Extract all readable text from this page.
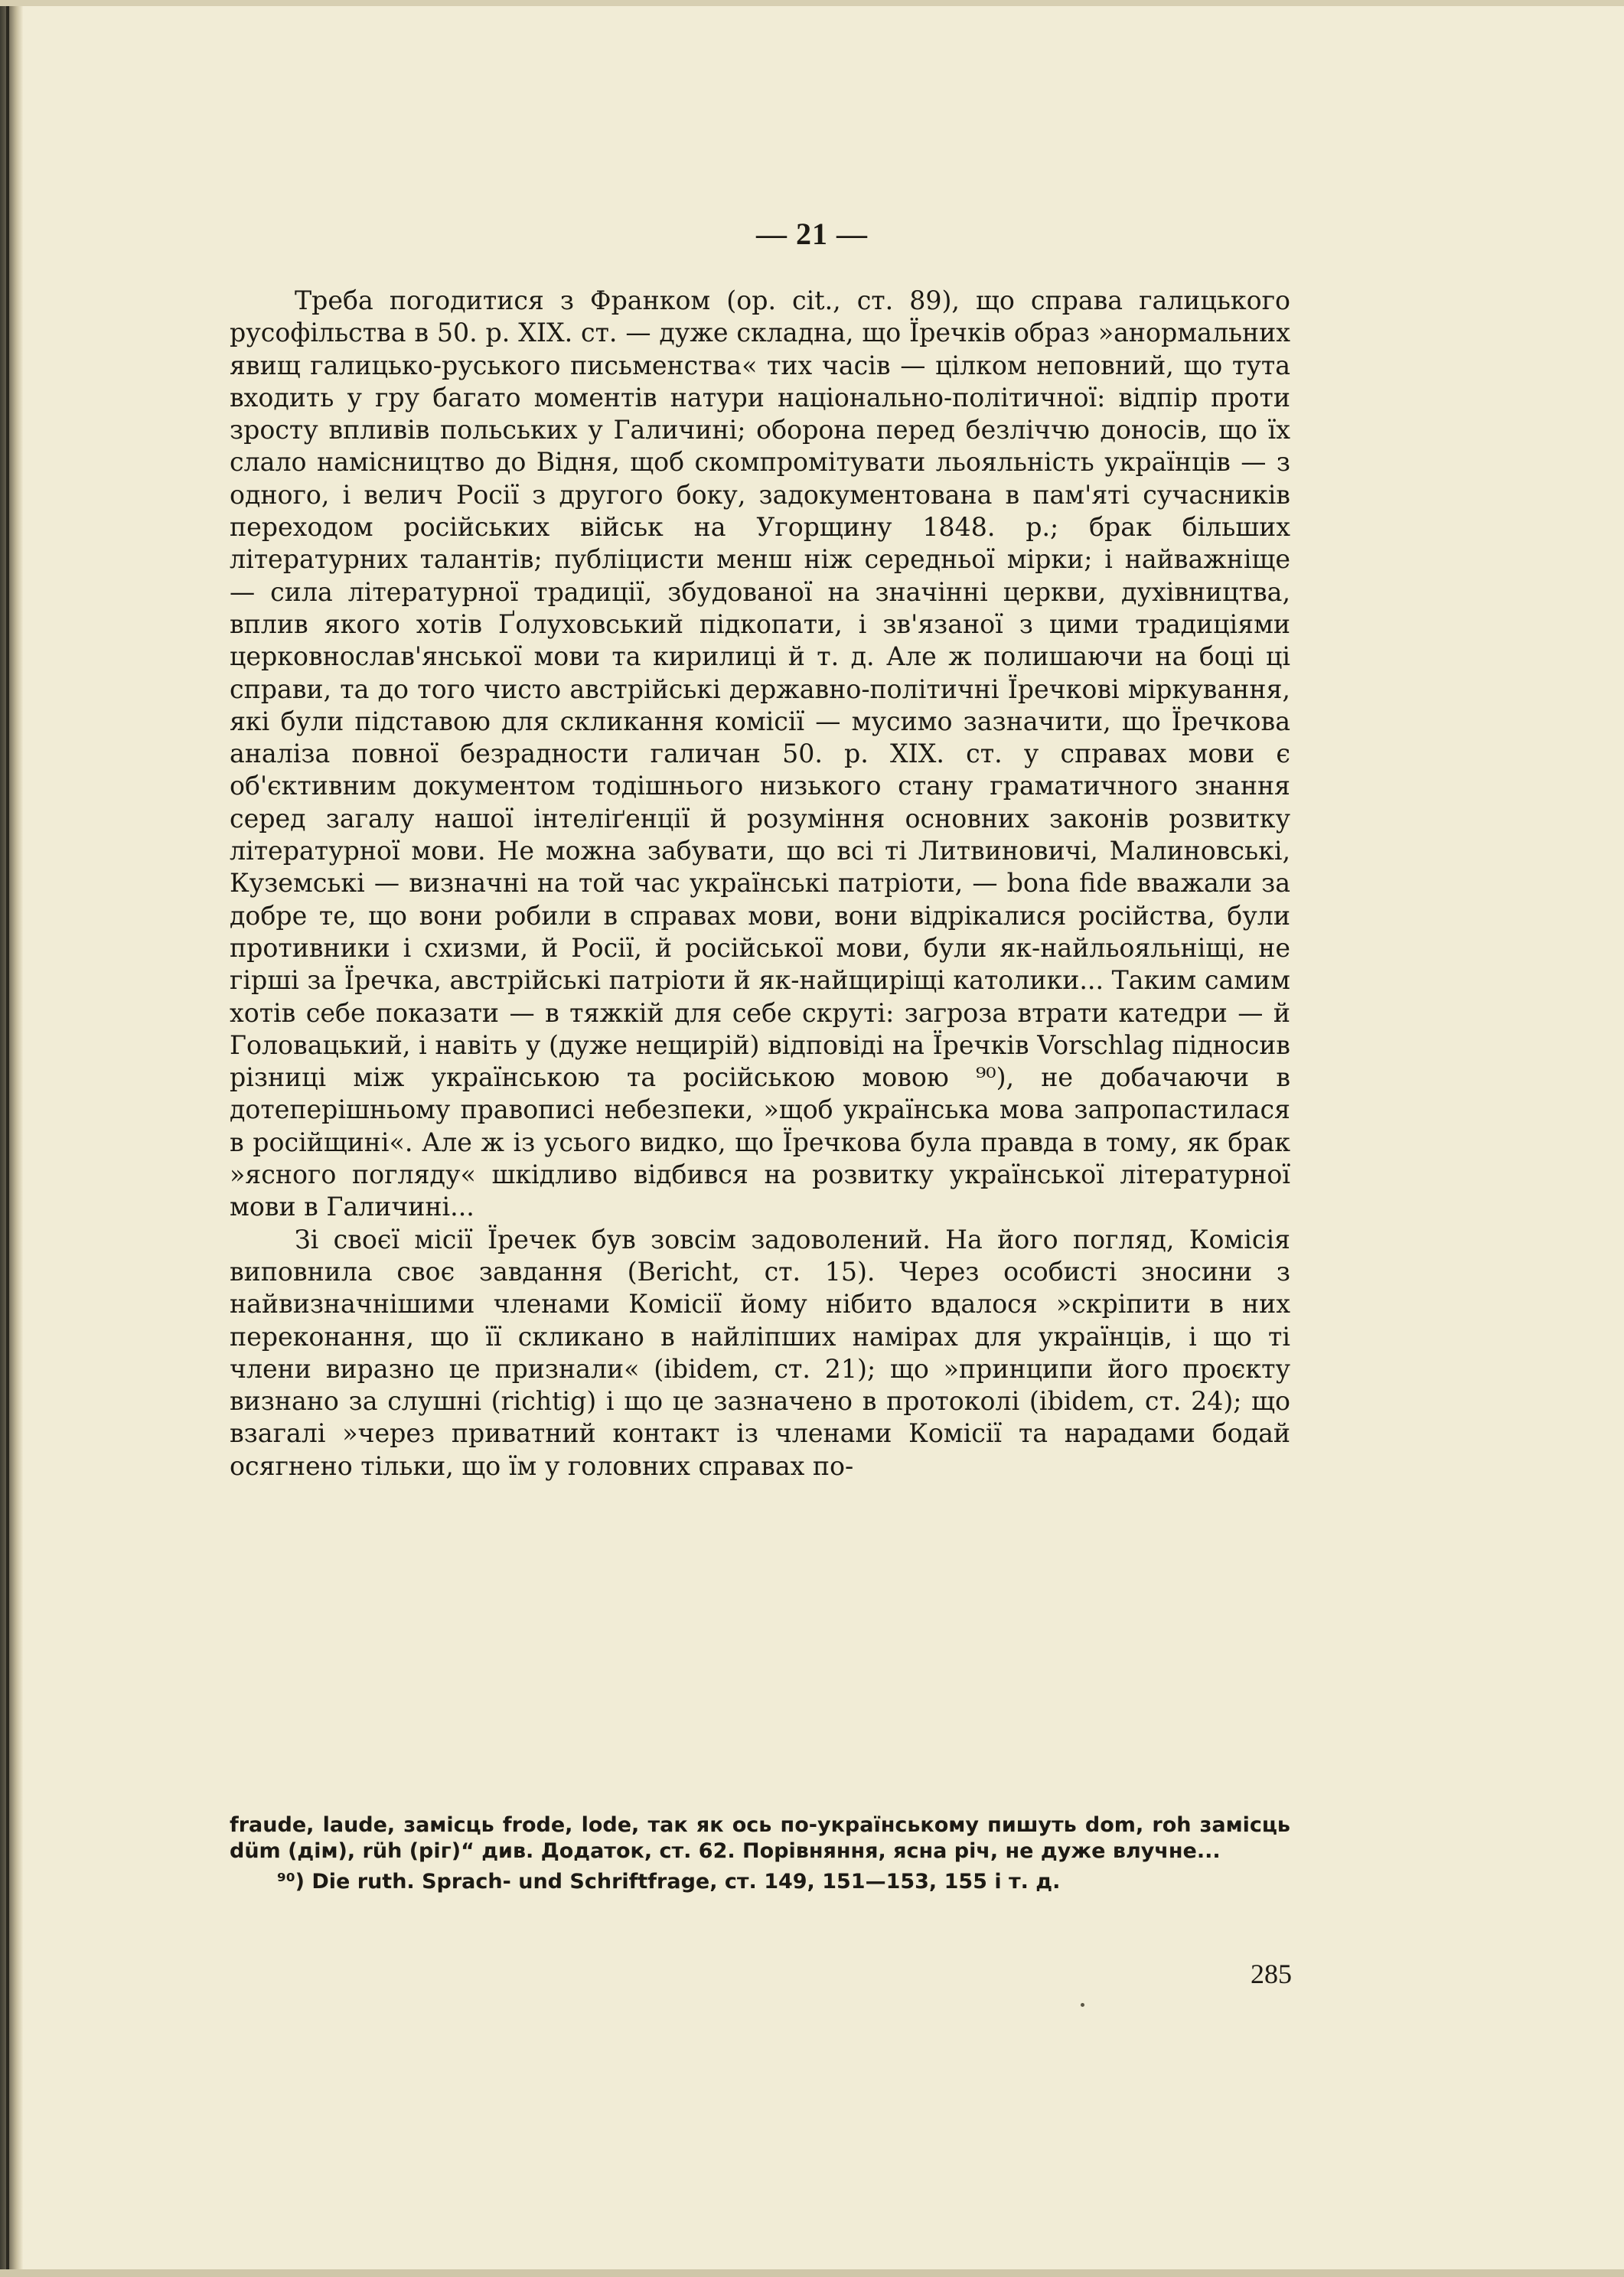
— 21 —

Треба погодитися з Франком (op. cit., ст. 89), що справа галицького русофільства в 50. р. XIX. ст. — дуже складна, що Їречків образ »анормальних явищ галицько-руського письменства« тих часів — цілком неповний, що тута входить у гру багато моментів натури національно-політичної: відпір проти зросту впливів польських у Галичині; оборона перед безліччю доносів, що їх слало намісництво до Відня, щоб скомпромітувати льояльність українців — з одного, і велич Росії з другого боку, задокументована в пам'яті сучасників переходом російських військ на Угорщину 1848. р.; брак більших літературних талантів; публіцисти менш ніж середньої мірки; і найважніще — сила літературної традиції, збудованої на значінні церкви, духівництва, вплив якого хотів Ґолуховський підкопати, і зв'язаної з цими традиціями церковнослав'янської мови та кирилиці й т. д. Але ж полишаючи на боці ці справи, та до того чисто австрійські державно-політичні Їречкові міркування, які були підставою для скликання комісії — мусимо зазначити, що Їречкова аналіза повної безрадности галичан 50. р. XIX. ст. у справах мови є об'єктивним документом тодішнього низького стану граматичного знання серед загалу нашої інтеліґенції й розуміння основних законів розвитку літературної мови. Не можна забувати, що всі ті Литвиновичі, Малиновські, Куземські — визначні на той час українські патріоти, — bona fide вважали за добре те, що вони робили в справах мови, вони відрікалися російства, були противники і схизми, й Росії, й російської мови, були як-найльояльніщі, не гірші за Їречка, австрійські патріоти й як-найщиріщі католики... Таким самим хотів себе показати — в тяжкій для себе скруті: загроза втрати катедри — й Головацький, і навіть у (дуже нещирій) відповіді на Їречків Vorschlag підносив різниці між українською та російською мовою ⁹⁰), не добачаючи в дотеперішньому правописі небезпеки, »щоб українська мова запропастилася в російщині«. Але ж із усього видко, що Їречкова була правда в тому, як брак »ясного погляду« шкідливо відбився на розвитку української літературної мови в Галичині...

Зі своєї місії Їречек був зовсім задоволений. На його погляд, Комісія виповнила своє завдання (Bericht, ст. 15). Через особисті зносини з найвизначнішими членами Комісії йому нібито вдалося »скріпити в них переконання, що її скликано в найліпших намірах для українців, і що ті члени виразно це признали« (ibidem, ст. 21); що »принципи його проєкту визнано за слушні (richtig) і що це зазначено в протоколі (ibidem, ст. 24); що взагалі »через приватний контакт із членами Комісії та нарадами бодай осягнено тільки, що їм у головних справах по-

fraude, laude, замісць frode, lode, так як ось по-українському пишуть dom, roh замісць düm (дім), rüh (ріг)“ див. Додаток, ст. 62. Порівняння, ясна річ, не дуже влучне...

⁹⁰) Die ruth. Sprach- und Schriftfrage, ст. 149, 151—153, 155 і т. д.

285
